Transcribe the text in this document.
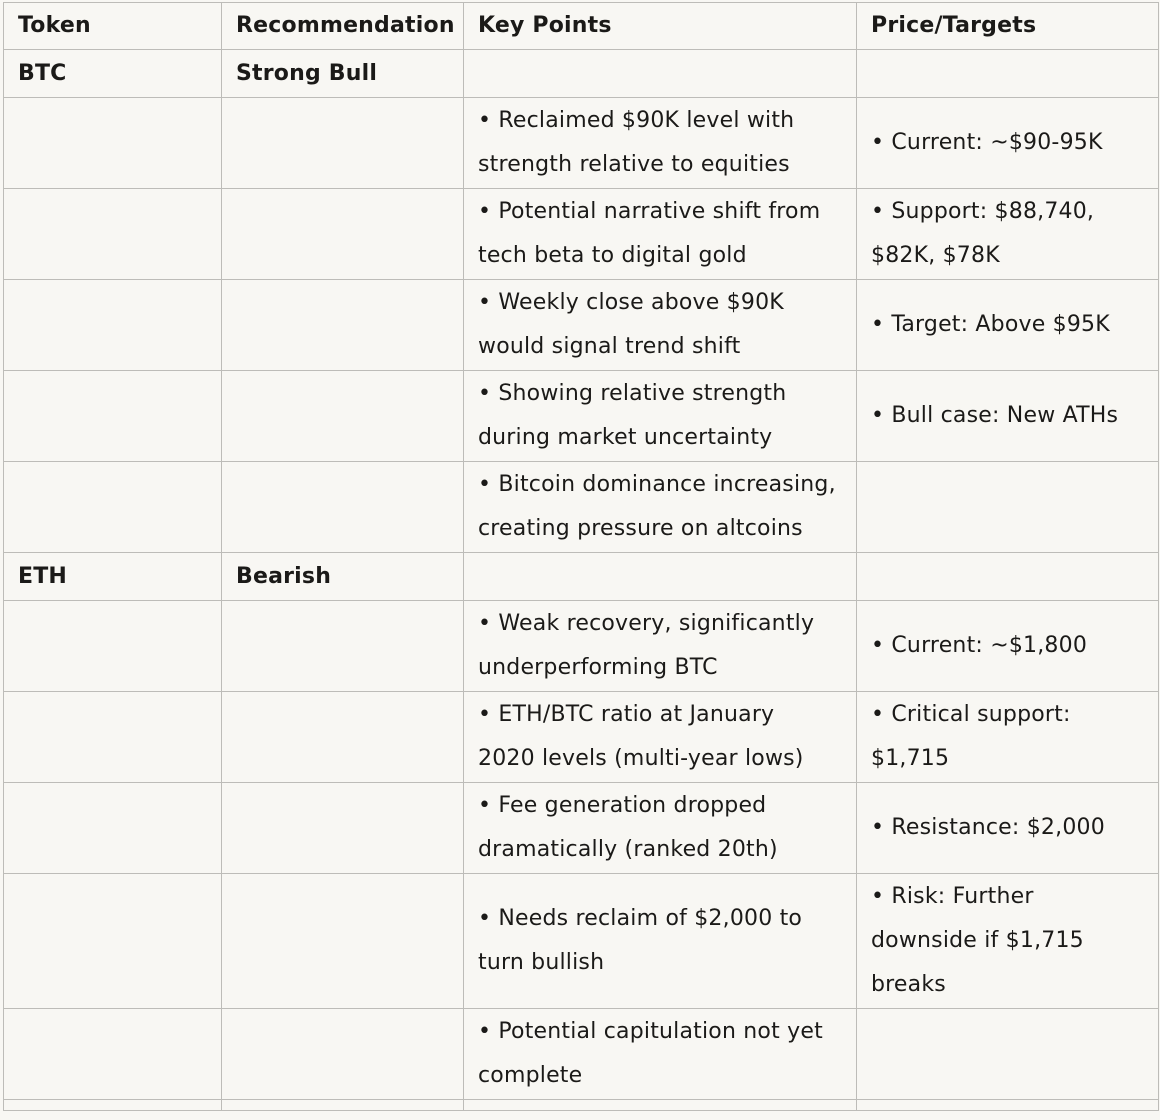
Token	Recommendation	Key Points	Price/Targets
BTC	Strong Bull		

		• Reclaimed $90K level with
strength relative to equities	• Current: ~$90-95K

		• Potential narrative shift from
tech beta to digital gold	• Support: $88,740,
$82K, $78K

		• Weekly close above $90K
would signal trend shift	• Target: Above $95K

		• Showing relative strength
during market uncertainty	• Bull case: New ATHs

		• Bitcoin dominance increasing,
creating pressure on altcoins	

ETH	Bearish		

		• Weak recovery, significantly
underperforming BTC	• Current: ~$1,800

		• ETH/BTC ratio at January
2020 levels (multi-year lows)	• Critical support:
$1,715

		• Fee generation dropped
dramatically (ranked 20th)	• Resistance: $2,000

		• Needs reclaim of $2,000 to
turn bullish	• Risk: Further
downside if $1,715
breaks

		• Potential capitulation not yet
complete	
